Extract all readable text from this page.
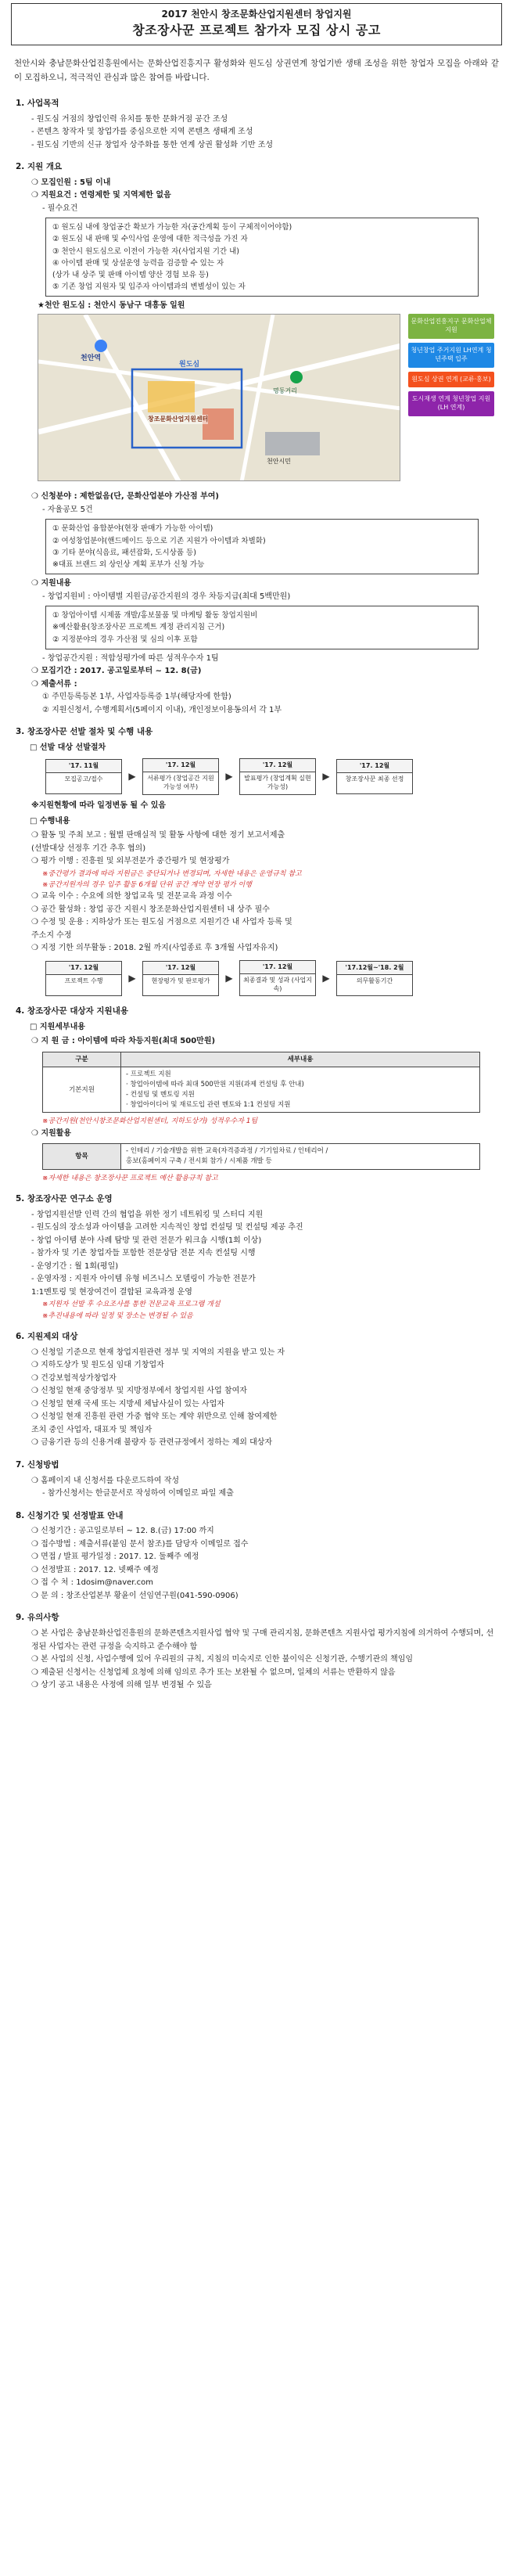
2017 천안시 창조문화산업지원센터 창업지원
창조장사꾼 프로젝트 참가자 모집 상시 공고
천안시와 충남문화산업진흥원에서는 문화산업진흥지구 활성화와 원도심 상권연계 창업기반 생태 조성을 위한 창업자 모집을 아래와 같이 모집하오니, 적극적인 관심과 많은 참여를 바랍니다.
1. 사업목적
- 원도심 거점의 창업인력 유치를 통한 문화거점 공간 조성
- 콘텐츠 창작자 및 창업가를 중심으로한 지역 콘텐츠 생태계 조성
- 원도심 기반의 신규 창업자 상주화를 통한 연계 상권 활성화 기반 조성
2. 지원 개요
❍ 모집인원 : 5팀 이내
❍ 지원요건 : 연령제한 및 지역제한 없음
- 필수요건
① 원도심 내에 창업공간 확보가 가능한 자(공간계획 등이 구체적이어야함)
② 원도심 내 판매 및 수익사업 운영에 대한 적극성을 가진 자
③ 천안시 원도심으로 이전이 가능한 자(사업지원 기간 내)
④ 아이템 판매 및 상설운영 능력을 검증할 수 있는 자
(상가 내 상주 및 판매 아이템 양산 경험 보유 등)
⑤ 기존 창업 지원자 및 입주자 아이템과의 변별성이 있는 자
★천안 원도심 : 천안시 동남구 대흥동 일원
천안역
창조문화산업지원센터
명동거리
천안시민
원도심
문화산업진흥지구 문화산업체 지원
청년창업 주거지원 LH연계 청년주택 입주
원도심 상권 연계 (교류·홍보)
도시재생 연계 청년창업 지원 (LH 연계)
❍ 신청분야 : 제한없음(단, 문화산업분야 가산점 부여)
- 자율공모 5건
① 문화산업 융합분야(현장 판매가 가능한 아이템)
② 여성창업분야(핸드메이드 등으로 기존 지원가 아이템과 차별화)
③ 기타 분야(식음료, 패션잡화, 도시상품 등)
※대표 브랜드 외 상인상 계획 포부가 신청 가능
❍ 지원내용
- 창업지원비 : 아이템별 지원금/공간지원의 경우 차등지급(최대 5백만원)
① 창업아이템 시제품 개발/홍보물품 및 마케팅 활동 창업지원비
※예산활용(창조장사꾼 프로젝트 계정 관리지침 근거)
② 지정분야의 경우 가산점 및 심의 이후 포함
- 창업공간지원 : 적합성평가에 따른 성적우수자 1팀
❍ 모집기간 : 2017. 공고일로부터 ~ 12. 8(금)
❍ 제출서류 :
① 주민등록등본 1부, 사업자등록증 1부(해당자에 한함)
② 지원신청서, 수행계획서(5페이지 이내), 개인정보이용동의서 각 1부
3. 창조장사꾼 선발 절차 및 수행 내용
□ 선발 대상 선발절차
'17. 11월
모집공고/접수	▶
'17. 12월
서류평가 (창업공간 지원가능성 여부)
▶
'17. 12월
발표평가 (창업계획 실현가능성)
▶
'17. 12월
창조장사꾼 최종 선정
※지원현황에 따라 일정변동 될 수 있음
□ 수행내용
❍ 활동 및 주최 보고 : 월별 판매실적 및 활동 사항에 대한 정기 보고서제출
(선발대상 선정후 기간 추후 협의)
❍ 평가 이행 : 진흥원 및 외부전문가 중간평가 및 현장평가
※중간평가 결과에 따라 지원금은 중단되거나 변경되며, 자세한 내용은 운영규칙 참고
※공간지원자의 경우 입주 활동 6개월 단위 공간 계약 연장 평가 이행
❍ 교육 이수 : 수요에 의한 창업교육 및 전문교육 과정 이수
❍ 공간 활성화 : 창업 공간 지원시 창조문화산업지원센터 내 상주 필수
❍ 수정 및 운용 : 지하상가 또는 원도심 거점으로 지원기간 내 사업자 등록 및
주소지 수정
❍ 지정 기한 의무활동 : 2018. 2월 까지(사업종료 후 3개월 사업자유지)
'17. 12월
프로젝트 수행	▶
'17. 12월
현장평가 및 판로평가	▶
'17. 12월
최종결과 및 성과 (사업지속)
▶
'17.12월~'18. 2월
의무활동기간
4. 창조장사꾼 대상자 지원내용
□ 지원세부내용
❍ 지 원 금 : 아이템에 따라 차등지원(최대 500만원)
구분	세부내용
기본지원	- 프로젝트 지원
· 창업아이템에 따라 최대 500만원 지원(과제 컨설팅 후 안내)
- 컨설팅 및 멘토링 지원
· 창업아이디어 및 재료도입 관련 멘토와 1:1 컨설팅 지원
※공간지원(천안시창조문화산업지원센터, 지하도상가) 성적우수자 1팀
❍ 지원활용
항목	
- 인테리 / 기술개발을 위한 교육(자격증과정 / 기기임차료 / 인테리어 /
홍보(홈페이지 구축 / 전시회 참가 / 시제품 개발 등
※자세한 내용은 창조장사꾼 프로젝트 예산 활용규칙 참고
5. 창조장사꾼 연구소 운영
- 창업지원선발 인력 간의 협업을 위한 정기 네트워킹 및 스터디 지원
- 원도심의 장소성과 아이템을 고려한 지속적인 창업 컨설팅 및 컨설팅 제공 추진
- 창업 아이템 분야 사례 탐방 및 관련 전문가 워크숍 시행(1회 이상)
- 참가자 및 기존 창업자들 포함한 전문상담 전문 지속 컨설팅 시행
- 운영기간 : 월 1회(평일)
- 운영자정 : 지원자 아이템 유형 비즈니스 모델링이 가능한 전문가
1:1멘토링 및 현장여건이 결합된 교육과정 운영
※지원자 선발 후 수요조사를 통한 전문교육 프로그램 개설
※추진내용에 따라 일정 및 장소는 변경될 수 있음
6. 지원제외 대상
❍ 신청일 기준으로 현재 창업지원관련 정부 및 지역의 지원을 받고 있는 자
❍ 지하도상가 및 원도심 임대 기창업자
❍ 건강보험적상가창업자
❍ 신청일 현재 중앙정부 및 지방정부에서 창업지원 사업 참여자
❍ 신청일 현재 국세 또는 지방세 체납사실이 있는 사업자
❍ 신청일 현재 진흥원 관련 가중 협약 또는 계약 위반으로 인해 참여제한
조치 중인 사업자, 대표자 및 책임자
❍ 금융기관 등의 신용거래 불량자 등 관련규정에서 정하는 제외 대상자
7. 신청방법
❍ 홈페이지 내 신청서를 다운로드하여 작성
- 참가신청서는 한글문서로 작성하여 이메일로 파일 제출
8. 신청기간 및 선정발표 안내
❍ 신청기간 : 공고일로부터 ~ 12. 8.(금) 17:00 까지
❍ 접수방법 : 제출서류(붙임 문서 참조)를 담당자 이메일로 접수
❍ 면접 / 발표 평가일정 : 2017. 12. 둘째주 예정
❍ 선정발표 : 2017. 12. 넷째주 예정
❍ 접 수 처 : 1dosim@naver.com
❍ 문 의 : 창조산업본부 황윤이 선임연구원(041-590-0906)
9. 유의사항
❍ 본 사업은 충남문화산업진흥원의 문화콘텐츠지원사업 협약 및 구매 관리지침, 문화콘텐츠 지원사업 평가지침에 의거하여 수행되며, 선정된 사업자는 관련 규정을 숙지하고 준수해야 함
❍ 본 사업의 신청, 사업수행에 있어 우리원의 규칙, 지침의 미숙지로 인한 불이익은 신청기관, 수행기관의 책임임
❍ 제출된 신청서는 신청업체 요청에 의해 임의로 추가 또는 보완될 수 없으며, 일체의 서류는 반환하지 않음
❍ 상기 공고 내용은 사정에 의해 일부 변경될 수 있음
